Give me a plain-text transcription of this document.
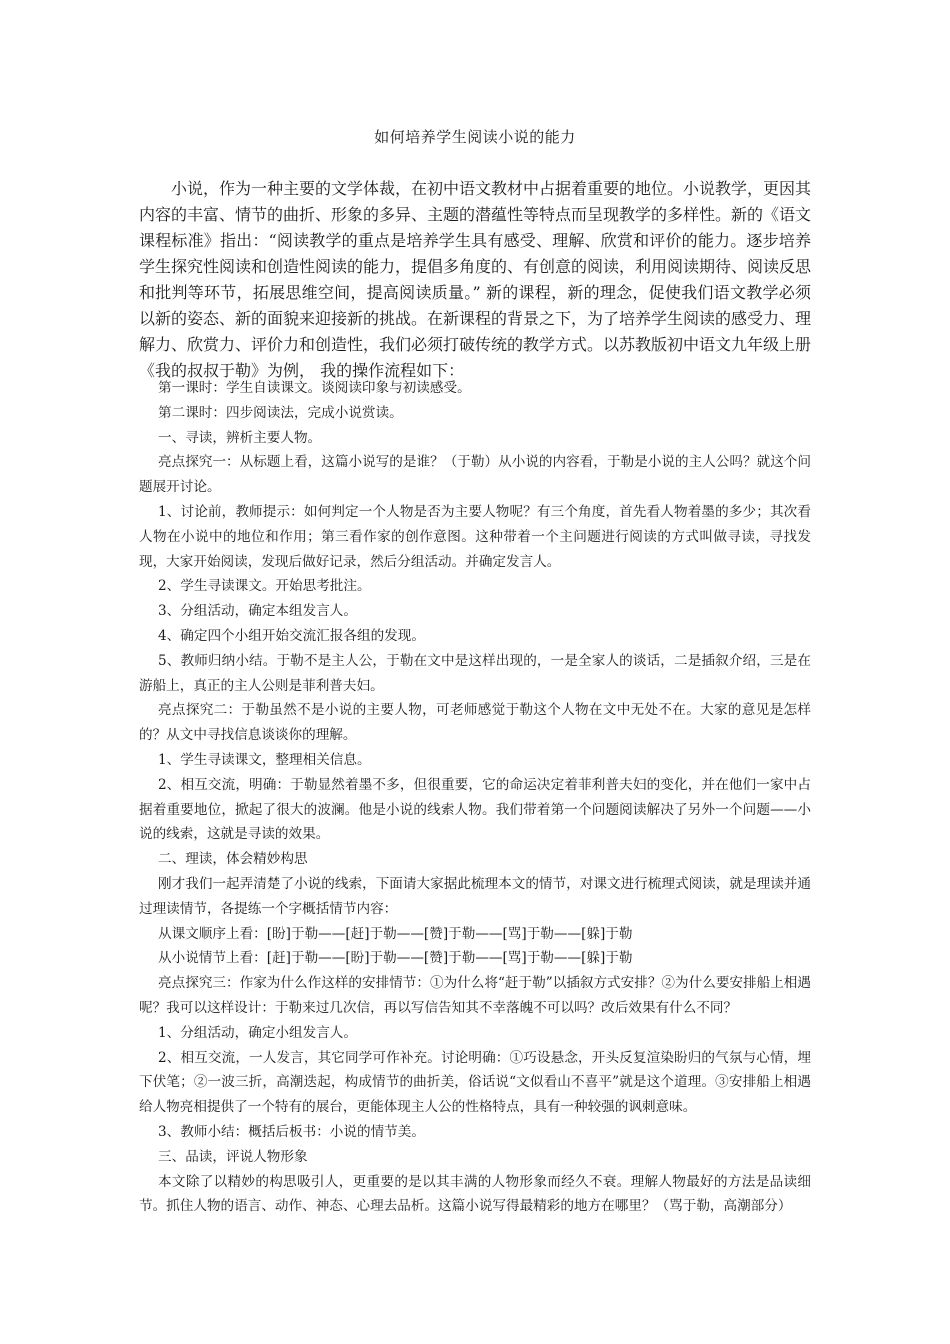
如何培养学生阅读小说的能力

小说，作为一种主要的文学体裁，在初中语文教材中占据着重要的地位。小说教学，更因其内容的丰富、情节的曲折、形象的多异、主题的潜蕴性等特点而呈现教学的多样性。新的《语文课程标准》指出：“阅读教学的重点是培养学生具有感受、理解、欣赏和评价的能力。逐步培养学生探究性阅读和创造性阅读的能力，提倡多角度的、有创意的阅读，利用阅读期待、阅读反思和批判等环节，拓展思维空间，提高阅读质量。” 新的课程，新的理念，促使我们语文教学必须以新的姿态、新的面貌来迎接新的挑战。在新课程的背景之下，为了培养学生阅读的感受力、理解力、欣赏力、评价力和创造性，我们必须打破传统的教学方式。以苏教版初中语文九年级上册《我的叔叔于勒》为例， 我的操作流程如下：

第一课时：学生自读课文。谈阅读印象与初读感受。

第二课时：四步阅读法，完成小说赏读。

一、寻读，辨析主要人物。

亮点探究一：从标题上看，这篇小说写的是谁？（于勒）从小说的内容看，于勒是小说的主人公吗？就这个问题展开讨论。

1、讨论前，教师提示：如何判定一个人物是否为主要人物呢？有三个角度，首先看人物着墨的多少；其次看人物在小说中的地位和作用；第三看作家的创作意图。这种带着一个主问题进行阅读的方式叫做寻读，寻找发现，大家开始阅读，发现后做好记录，然后分组活动。并确定发言人。

2、学生寻读课文。开始思考批注。

3、分组活动，确定本组发言人。

4、确定四个小组开始交流汇报各组的发现。

5、教师归纳小结。于勒不是主人公，于勒在文中是这样出现的，一是全家人的谈话，二是插叙介绍，三是在游船上，真正的主人公则是菲利普夫妇。

亮点探究二：于勒虽然不是小说的主要人物，可老师感觉于勒这个人物在文中无处不在。大家的意见是怎样的？从文中寻找信息谈谈你的理解。

1、学生寻读课文，整理相关信息。

2、相互交流，明确：于勒显然着墨不多，但很重要，它的命运决定着菲利普夫妇的变化，并在他们一家中占据着重要地位，掀起了很大的波澜。他是小说的线索人物。我们带着第一个问题阅读解决了另外一个问题——小说的线索，这就是寻读的效果。

二、理读，体会精妙构思

刚才我们一起弄清楚了小说的线索，下面请大家据此梳理本文的情节，对课文进行梳理式阅读，就是理读并通过理读情节，各提练一个字概括情节内容：

从课文顺序上看：[盼]于勒——[赶]于勒——[赞]于勒——[骂]于勒——[躲]于勒

从小说情节上看：[赶]于勒——[盼]于勒——[赞]于勒——[骂]于勒——[躲]于勒

亮点探究三：作家为什么作这样的安排情节：①为什么将“赶于勒”以插叙方式安排？②为什么要安排船上相遇呢？我可以这样设计：于勒来过几次信，再以写信告知其不幸落魄不可以吗？改后效果有什么不同？

1、分组活动，确定小组发言人。

2、相互交流，一人发言，其它同学可作补充。讨论明确：①巧设悬念，开头反复渲染盼归的气氛与心情，埋下伏笔；②一波三折，高潮迭起，构成情节的曲折美，俗话说“文似看山不喜平”就是这个道理。③安排船上相遇给人物亮相提供了一个特有的展台，更能体现主人公的性格特点，具有一种较强的讽刺意味。

3、教师小结：概括后板书：小说的情节美。

三、品读，评说人物形象

本文除了以精妙的构思吸引人，更重要的是以其丰满的人物形象而经久不衰。理解人物最好的方法是品读细节。抓住人物的语言、动作、神态、心理去品析。这篇小说写得最精彩的地方在哪里？（骂于勒，高潮部分）
